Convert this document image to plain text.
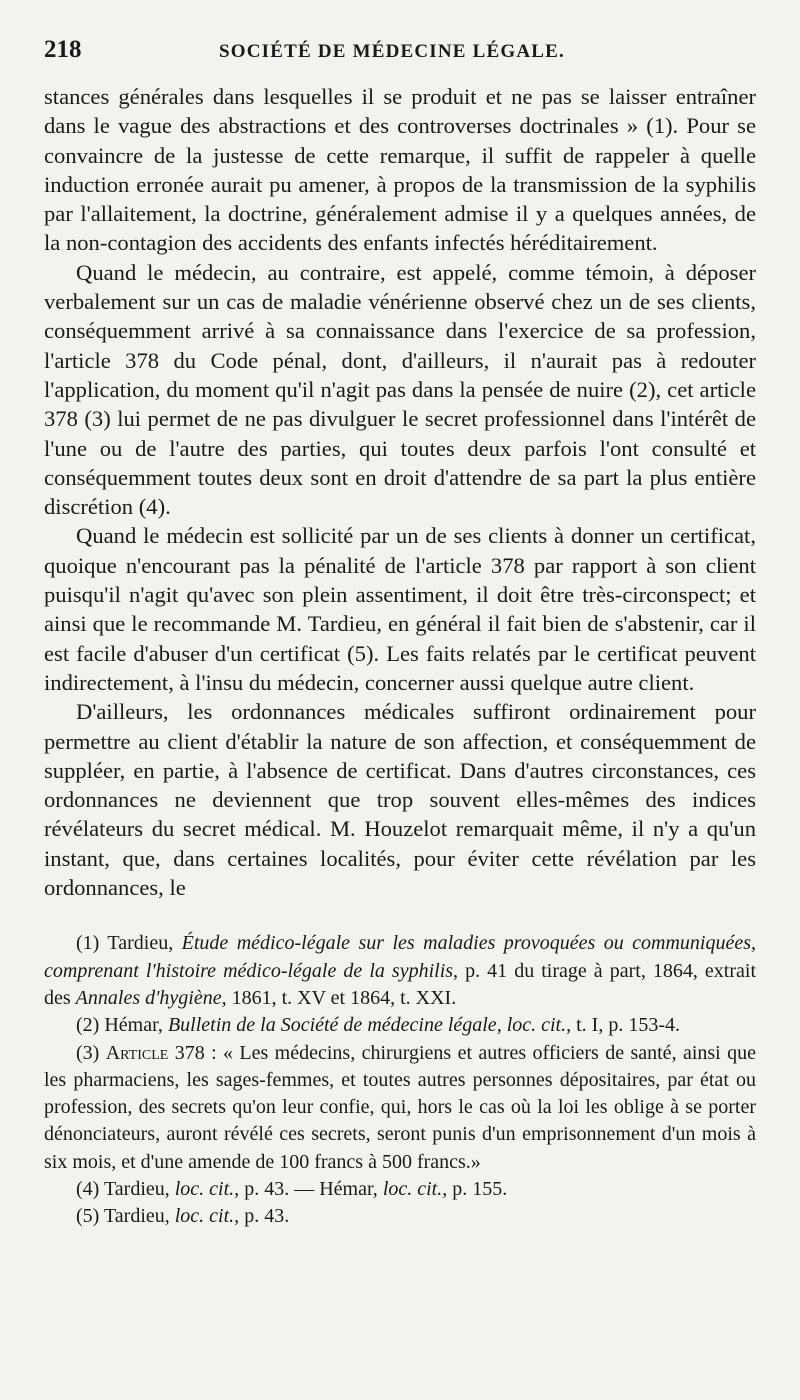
218	SOCIÉTÉ DE MÉDECINE LÉGALE.

stances générales dans lesquelles il se produit et ne pas se laisser entraîner dans le vague des abstractions et des controverses doctrinales » (1). Pour se convaincre de la justesse de cette remarque, il suffit de rappeler à quelle induction erronée aurait pu amener, à propos de la transmission de la syphilis par l'allaitement, la doctrine, généralement admise il y a quelques années, de la non-contagion des accidents des enfants infectés héréditairement.

Quand le médecin, au contraire, est appelé, comme témoin, à déposer verbalement sur un cas de maladie vénérienne observé chez un de ses clients, conséquemment arrivé à sa connaissance dans l'exercice de sa profession, l'article 378 du Code pénal, dont, d'ailleurs, il n'aurait pas à redouter l'application, du moment qu'il n'agit pas dans la pensée de nuire (2), cet article 378 (3) lui permet de ne pas divulguer le secret professionnel dans l'intérêt de l'une ou de l'autre des parties, qui toutes deux parfois l'ont consulté et conséquemment toutes deux sont en droit d'attendre de sa part la plus entière discrétion (4).

Quand le médecin est sollicité par un de ses clients à donner un certificat, quoique n'encourant pas la pénalité de l'article 378 par rapport à son client puisqu'il n'agit qu'avec son plein assentiment, il doit être très-circonspect; et ainsi que le recommande M. Tardieu, en général il fait bien de s'abstenir, car il est facile d'abuser d'un certificat (5). Les faits relatés par le certificat peuvent indirectement, à l'insu du médecin, concerner aussi quelque autre client.

D'ailleurs, les ordonnances médicales suffiront ordinairement pour permettre au client d'établir la nature de son affection, et conséquemment de suppléer, en partie, à l'absence de certificat. Dans d'autres circonstances, ces ordonnances ne deviennent que trop souvent elles-mêmes des indices révélateurs du secret médical. M. Houzelot remarquait même, il n'y a qu'un instant, que, dans certaines localités, pour éviter cette révélation par les ordonnances, le

(1) Tardieu, Étude médico-légale sur les maladies provoquées ou communiquées, comprenant l'histoire médico-légale de la syphilis, p. 41 du tirage à part, 1864, extrait des Annales d'hygiène, 1861, t. XV et 1864, t. XXI.

(2) Hémar, Bulletin de la Société de médecine légale, loc. cit., t. I, p. 153-4.

(3) Article 378 : « Les médecins, chirurgiens et autres officiers de santé, ainsi que les pharmaciens, les sages-femmes, et toutes autres personnes dépositaires, par état ou profession, des secrets qu'on leur confie, qui, hors le cas où la loi les oblige à se porter dénonciateurs, auront révélé ces secrets, seront punis d'un emprisonnement d'un mois à six mois, et d'une amende de 100 francs à 500 francs.»

(4) Tardieu, loc. cit., p. 43. — Hémar, loc. cit., p. 155.

(5) Tardieu, loc. cit., p. 43.
